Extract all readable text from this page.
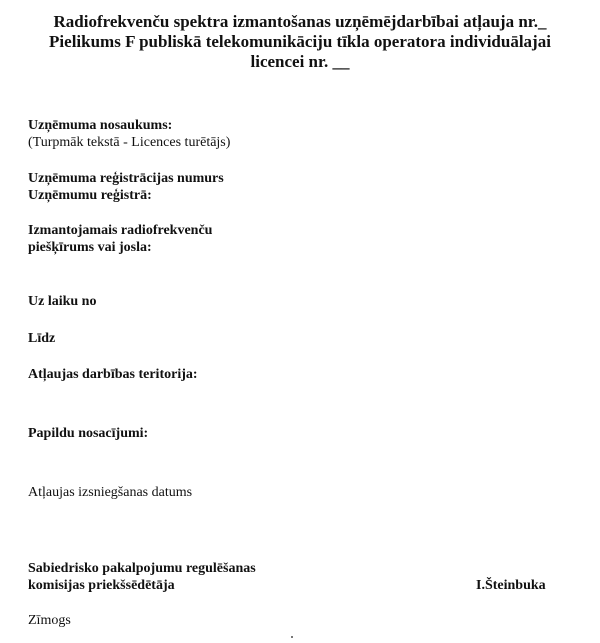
Radiofrekvenču spektra izmantošanas uzņēmējdarbībai atļauja nr._
Pielikums F publiskā telekomunikāciju tīkla operatora individuālajai
licencei nr. __
Uzņēmuma nosaukums:
(Turpmāk tekstā - Licences turētājs)
Uzņēmuma reģistrācijas numurs
Uzņēmumu reģistrā:
Izmantojamais radiofrekvenču
piešķīrums vai josla:
Uz laiku no
Līdz
Atļaujas darbības teritorija:
Papildu nosacījumi:
Atļaujas izsniegšanas datums
Sabiedrisko pakalpojumu regulēšanas
komisijas priekšsēdētāja	I.Šteinbuka
Zīmogs
